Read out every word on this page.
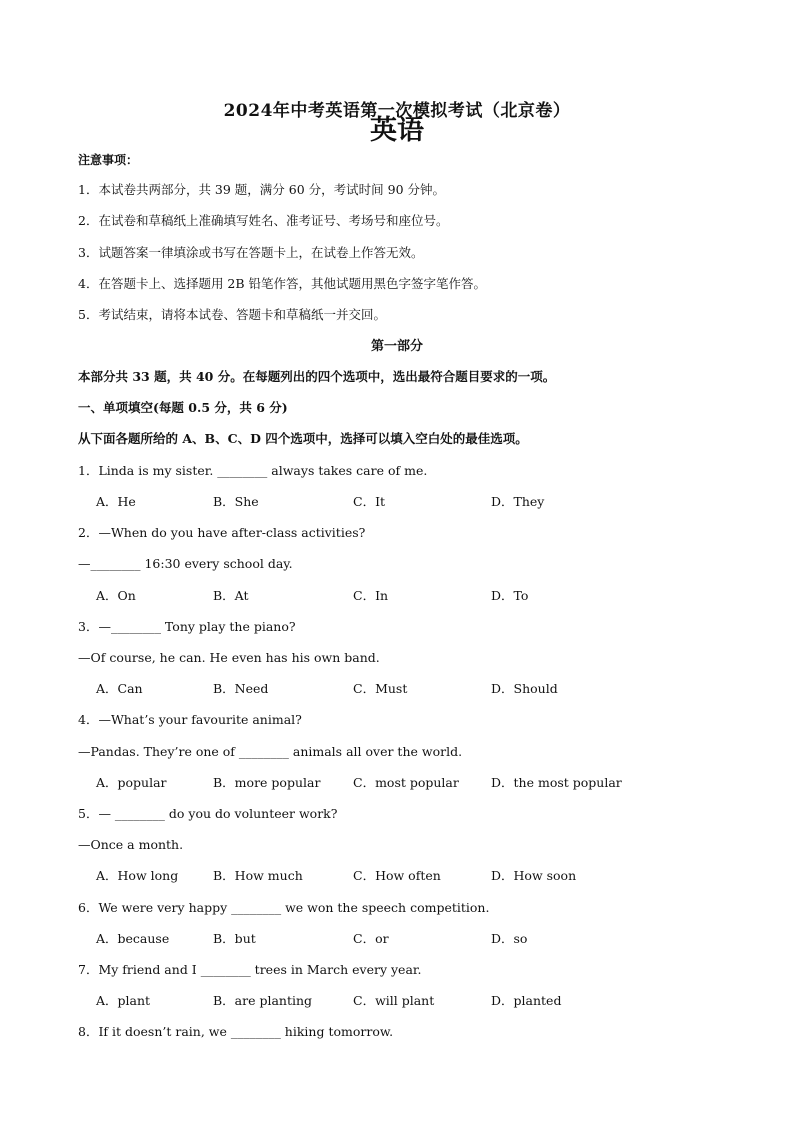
2024年中考英语第一次模拟考试（北京卷）
英语
注意事项：
1．本试卷共两部分，共 39 题，满分 60 分，考试时间 90 分钟。
2．在试卷和草稿纸上准确填写姓名、准考证号、考场号和座位号。
3．试题答案一律填涂或书写在答题卡上，在试卷上作答无效。
4．在答题卡上、选择题用 2B 铅笔作答，其他试题用黑色字签字笔作答。
5．考试结束，请将本试卷、答题卡和草稿纸一并交回。
第一部分
本部分共 33 题，共 40 分。在每题列出的四个选项中，选出最符合题目要求的一项。
一、单项填空(每题 0.5 分，共 6 分)
从下面各题所给的 A、B、C、D 四个选项中，选择可以填入空白处的最佳选项。
1．Linda is my sister. ________ always takes care of me.
A．He	B．She	C．It	D．They
2．—When do you have after-class activities?
—________ 16:30 every school day.
A．On	B．At	C．In	D．To
3．—________ Tony play the piano?
—Of course, he can. He even has his own band.
A．Can	B．Need	C．Must	D．Should
4．—What’s your favourite animal?
—Pandas. They’re one of ________ animals all over the world.
A．popular	B．more popular	C．most popular	D．the most popular
5．— ________ do you do volunteer work?
—Once a month.
A．How long	B．How much	C．How often	D．How soon
6．We were very happy ________ we won the speech competition.
A．because	B．but	C．or	D．so
7．My friend and I ________ trees in March every year.
A．plant	B．are planting	C．will plant	D．planted
8．If it doesn’t rain, we ________ hiking tomorrow.
